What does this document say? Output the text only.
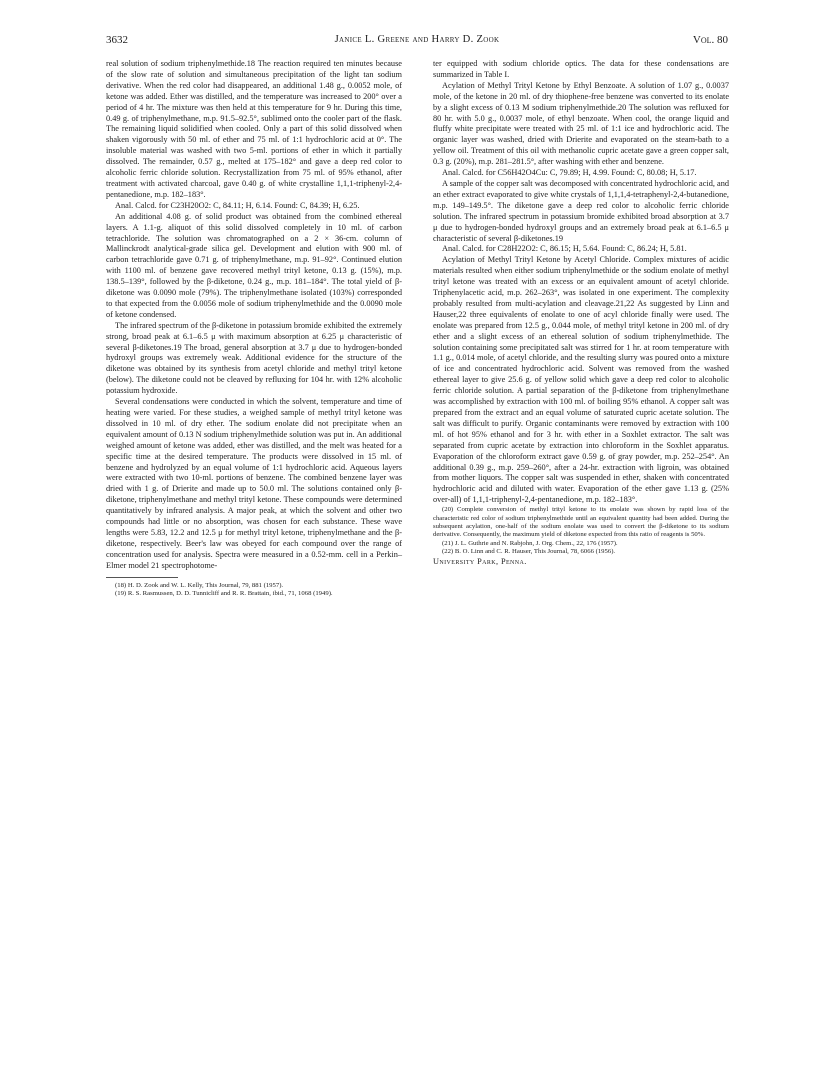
3632	Janice L. Greene and Harry D. Zook	Vol. 80

real solution of sodium triphenylmethide.18 The reaction required ten minutes because of the slow rate of solution and simultaneous precipitation of the light tan sodium derivative. When the red color had disappeared, an additional 1.48 g., 0.0052 mole, of ketone was added. Ether was distilled, and the temperature was increased to 200° over a period of 4 hr. The mixture was then held at this temperature for 9 hr. During this time, 0.49 g. of triphenylmethane, m.p. 91.5–92.5°, sublimed onto the cooler part of the flask. The remaining liquid solidified when cooled. Only a part of this solid dissolved when shaken vigorously with 50 ml. of ether and 75 ml. of 1:1 hydrochloric acid at 0°. The insoluble material was washed with two 5-ml. portions of ether in which it partially dissolved. The remainder, 0.57 g., melted at 175–182° and gave a deep red color to alcoholic ferric chloride solution. Recrystallization from 75 ml. of 95% ethanol, after treatment with activated charcoal, gave 0.40 g. of white crystalline 1,1,1-triphenyl-2,4-pentanedione, m.p. 182–183°.

Anal. Calcd. for C23H20O2: C, 84.11; H, 6.14. Found: C, 84.39; H, 6.25.

An additional 4.08 g. of solid product was obtained from the combined ethereal layers. A 1.1-g. aliquot of this solid dissolved completely in 10 ml. of carbon tetrachloride. The solution was chromatographed on a 2 × 36-cm. column of Mallinckrodt analytical-grade silica gel. Development and elution with 900 ml. of carbon tetrachloride gave 0.71 g. of triphenylmethane, m.p. 91–92°. Continued elution with 1100 ml. of benzene gave recovered methyl trityl ketone, 0.13 g. (15%), m.p. 138.5–139°, followed by the β-diketone, 0.24 g., m.p. 181–184°. The total yield of β-diketone was 0.0090 mole (79%). The triphenylmethane isolated (103%) corresponded to that expected from the 0.0056 mole of sodium triphenylmethide and the 0.0090 mole of ketone condensed.

The infrared spectrum of the β-diketone in potassium bromide exhibited the extremely strong, broad peak at 6.1–6.5 μ with maximum absorption at 6.25 μ characteristic of several β-diketones.19 The broad, general absorption at 3.7 μ due to hydrogen-bonded hydroxyl groups was extremely weak. Additional evidence for the structure of the diketone was obtained by its synthesis from acetyl chloride and methyl trityl ketone (below). The diketone could not be cleaved by refluxing for 104 hr. with 12% alcoholic potassium hydroxide.

Several condensations were conducted in which the solvent, temperature and time of heating were varied. For these studies, a weighed sample of methyl trityl ketone was dissolved in 10 ml. of dry ether. The sodium enolate did not precipitate when an equivalent amount of 0.13 N sodium triphenylmethide solution was put in. An additional weighed amount of ketone was added, ether was distilled, and the melt was heated for a specific time at the desired temperature. The products were dissolved in 15 ml. of benzene and hydrolyzed by an equal volume of 1:1 hydrochloric acid. Aqueous layers were extracted with two 10-ml. portions of benzene. The combined benzene layer was dried with 1 g. of Drierite and made up to 50.0 ml. The solutions contained only β-diketone, triphenylmethane and methyl trityl ketone. These compounds were determined quantitatively by infrared analysis. A major peak, at which the solvent and other two compounds had little or no absorption, was chosen for each substance. These wave lengths were 5.83, 12.2 and 12.5 μ for methyl trityl ketone, triphenylmethane and the β-diketone, respectively. Beer's law was obeyed for each compound over the range of concentration used for analysis. Spectra were measured in a 0.52-mm. cell in a Perkin–Elmer model 21 spectrophotome-

(18) H. D. Zook and W. L. Kelly, This Journal, 79, 881 (1957).

(19) R. S. Rasmussen, D. D. Tunnicliff and R. R. Brattain, ibid., 71, 1068 (1949).

ter equipped with sodium chloride optics. The data for these condensations are summarized in Table I.

Acylation of Methyl Trityl Ketone by Ethyl Benzoate. A solution of 1.07 g., 0.0037 mole, of the ketone in 20 ml. of dry thiophene-free benzene was converted to its enolate by a slight excess of 0.13 M sodium triphenylmethide.20 The solution was refluxed for 80 hr. with 5.0 g., 0.0037 mole, of ethyl benzoate. When cool, the orange liquid and fluffy white precipitate were treated with 25 ml. of 1:1 ice and hydrochloric acid. The organic layer was washed, dried with Drierite and evaporated on the steam-bath to a yellow oil. Treatment of this oil with methanolic cupric acetate gave a green copper salt, 0.3 g. (20%), m.p. 281–281.5°, after washing with ether and benzene.

Anal. Calcd. for C56H42O4Cu: C, 79.89; H, 4.99. Found: C, 80.08; H, 5.17.

A sample of the copper salt was decomposed with concentrated hydrochloric acid, and an ether extract evaporated to give white crystals of 1,1,1,4-tetraphenyl-2,4-butanedione, m.p. 149–149.5°. The diketone gave a deep red color to alcoholic ferric chloride solution. The infrared spectrum in potassium bromide exhibited broad absorption at 3.7 μ due to hydrogen-bonded hydroxyl groups and an extremely broad peak at 6.1–6.5 μ characteristic of several β-diketones.19

Anal. Calcd. for C28H22O2: C, 86.15; H, 5.64. Found: C, 86.24; H, 5.81.

Acylation of Methyl Trityl Ketone by Acetyl Chloride. Complex mixtures of acidic materials resulted when either sodium triphenylmethide or the sodium enolate of methyl trityl ketone was treated with an excess or an equivalent amount of acetyl chloride. Triphenylacetic acid, m.p. 262–263°, was isolated in one experiment. The complexity probably resulted from multi-acylation and cleavage.21,22 As suggested by Linn and Hauser,22 three equivalents of enolate to one of acyl chloride finally were used. The enolate was prepared from 12.5 g., 0.044 mole, of methyl trityl ketone in 200 ml. of dry ether and a slight excess of an ethereal solution of sodium triphenylmethide. The solution containing some precipitated salt was stirred for 1 hr. at room temperature with 1.1 g., 0.014 mole, of acetyl chloride, and the resulting slurry was poured onto a mixture of ice and concentrated hydrochloric acid. Solvent was removed from the washed ethereal layer to give 25.6 g. of yellow solid which gave a deep red color to alcoholic ferric chloride solution. A partial separation of the β-diketone from triphenylmethane was accomplished by extraction with 100 ml. of boiling 95% ethanol. A copper salt was prepared from the extract and an equal volume of saturated cupric acetate solution. The salt was difficult to purify. Organic contaminants were removed by extraction with 100 ml. of hot 95% ethanol and for 3 hr. with ether in a Soxhlet extractor. The salt was separated from cupric acetate by extraction into chloroform in the Soxhlet apparatus. Evaporation of the chloroform extract gave 0.59 g. of gray powder, m.p. 252–254°. An additional 0.39 g., m.p. 259–260°, after a 24-hr. extraction with ligroin, was obtained from mother liquors. The copper salt was suspended in ether, shaken with concentrated hydrochloric acid and diluted with water. Evaporation of the ether gave 1.13 g. (25% over-all) of 1,1,1-triphenyl-2,4-pentanedione, m.p. 182–183°.

(20) Complete conversion of methyl trityl ketone to its enolate was shown by rapid loss of the characteristic red color of sodium triphenylmethide until an equivalent quantity had been added. During the subsequent acylation, one-half of the sodium enolate was used to convert the β-diketone to its sodium derivative. Consequently, the maximum yield of diketone expected from this ratio of reagents is 50%.

(21) J. L. Guthrie and N. Rabjohn, J. Org. Chem., 22, 176 (1957).

(22) B. O. Linn and C. R. Hauser, This Journal, 78, 6066 (1956).

University Park, Penna.
